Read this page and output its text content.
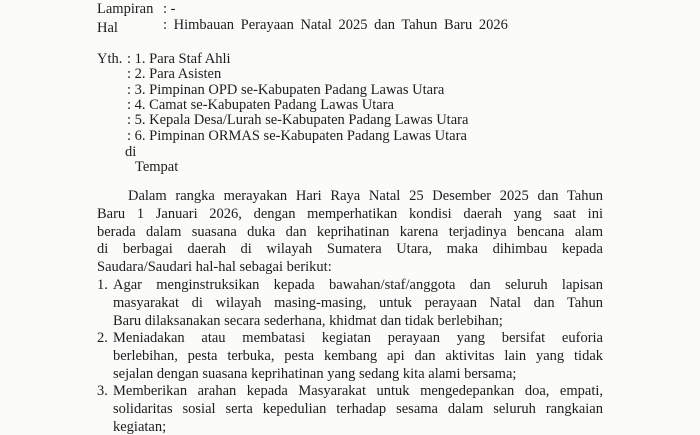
Lampiran : -
Hal	: Himbauan Perayaan Natal 2025 dan Tahun Baru 2026
Yth. : 1. Para Staf Ahli
: 2. Para Asisten
: 3. Pimpinan OPD se-Kabupaten Padang Lawas Utara
: 4. Camat se-Kabupaten Padang Lawas Utara
: 5. Kepala Desa/Lurah se-Kabupaten Padang Lawas Utara
: 6. Pimpinan ORMAS se-Kabupaten Padang Lawas Utara
di
Tempat
Dalam rangka merayakan Hari Raya Natal 25 Desember 2025 dan Tahun
Baru 1 Januari 2026, dengan memperhatikan kondisi daerah yang saat ini
berada dalam suasana duka dan keprihatinan karena terjadinya bencana alam
di berbagai daerah di wilayah Sumatera Utara, maka dihimbau kepada
Saudara/Saudari hal-hal sebagai berikut:
1. Agar menginstruksikan kepada bawahan/staf/anggota dan seluruh lapisan
masyarakat di wilayah masing-masing, untuk perayaan Natal dan Tahun
Baru dilaksanakan secara sederhana, khidmat dan tidak berlebihan;
2. Meniadakan atau membatasi kegiatan perayaan yang bersifat euforia
berlebihan, pesta terbuka, pesta kembang api dan aktivitas lain yang tidak
sejalan dengan suasana keprihatinan yang sedang kita alami bersama;
3. Memberikan arahan kepada Masyarakat untuk mengedepankan doa, empati,
solidaritas sosial serta kepedulian terhadap sesama dalam seluruh rangkaian
kegiatan;
